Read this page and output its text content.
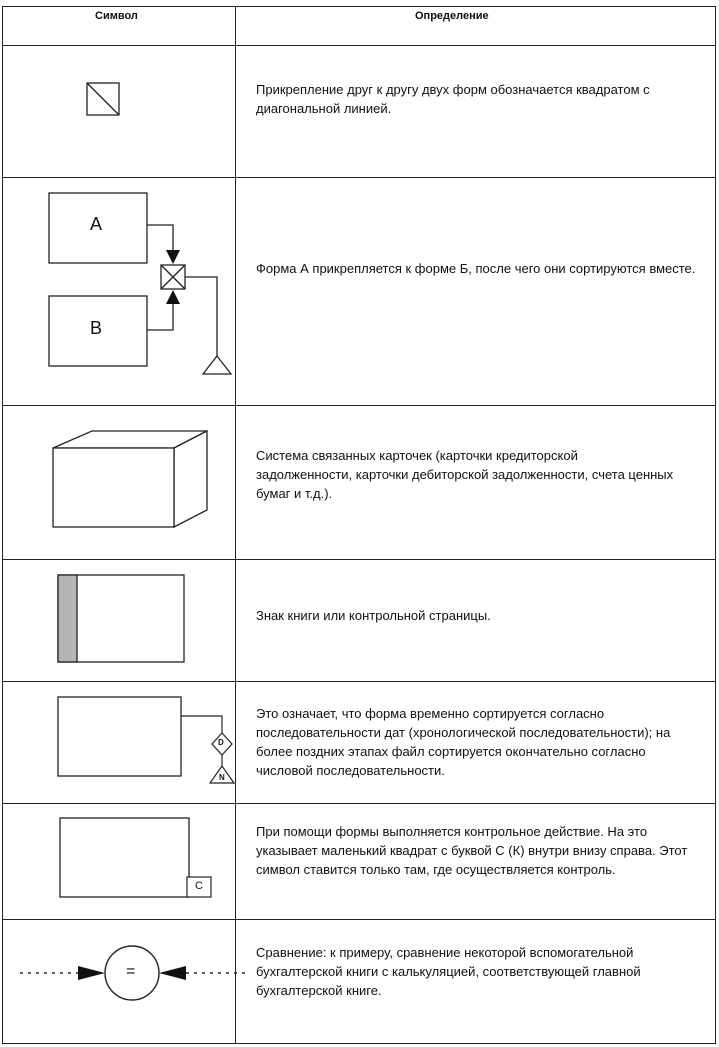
Символ	Определение
A
B
D
N
C
=
Прикрепление друг к другу двух форм обозначается квадратом с диагональной линией.
Форма А прикрепляется к форме Б, после чего они сортируются вместе.
Система связанных карточек (карточки кредиторской задолженности, карточки дебиторской задолженности, счета ценных бумаг и т.д.).
Знак книги или контрольной страницы.
Это означает, что форма временно сортируется согласно последовательности дат (хронологической последовательности); на более поздних этапах файл сортируется окончательно согласно числовой последовательности.
При помощи формы выполняется контрольное действие. На это указывает маленький квадрат с буквой С (К) внутри внизу справа. Этот символ ставится только там, где осуществляется контроль.
Сравнение: к примеру, сравнение некоторой вспомогательной бухгалтерской книги с калькуляцией, соответствующей главной бухгалтерской книге.
